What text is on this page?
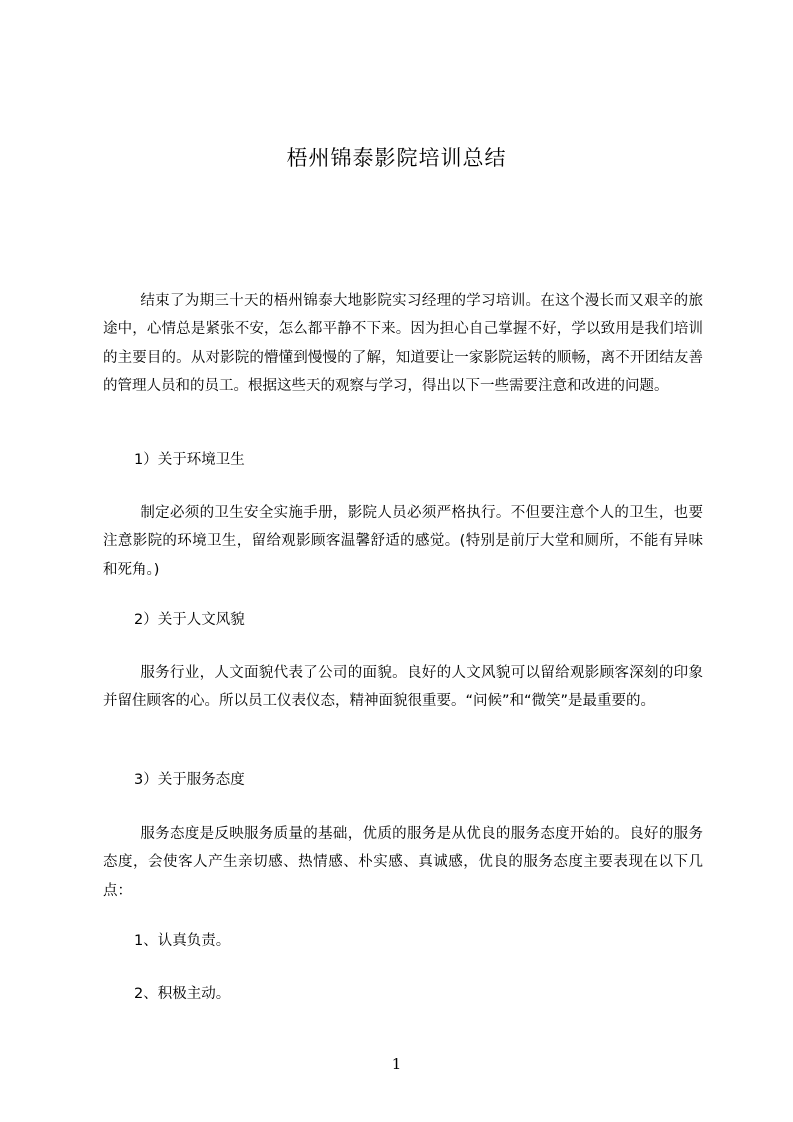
梧州锦泰影院培训总结

结束了为期三十天的梧州锦泰大地影院实习经理的学习培训。在这个漫长而又艰辛的旅途中，心情总是紧张不安，怎么都平静不下来。因为担心自己掌握不好，学以致用是我们培训的主要目的。从对影院的懵懂到慢慢的了解，知道要让一家影院运转的顺畅，离不开团结友善的管理人员和的员工。根据这些天的观察与学习，得出以下一些需要注意和改进的问题。

1）关于环境卫生

制定必须的卫生安全实施手册，影院人员必须严格执行。不但要注意个人的卫生，也要注意影院的环境卫生，留给观影顾客温馨舒适的感觉。(特别是前厅大堂和厕所，不能有异味和死角。)

2）关于人文风貌

服务行业，人文面貌代表了公司的面貌。良好的人文风貌可以留给观影顾客深刻的印象并留住顾客的心。所以员工仪表仪态，精神面貌很重要。“问候”和“微笑”是最重要的。

3）关于服务态度

服务态度是反映服务质量的基础，优质的服务是从优良的服务态度开始的。良好的服务态度，会使客人产生亲切感、热情感、朴实感、真诚感，优良的服务态度主要表现在以下几点：

1、认真负责。

2、积极主动。

1
